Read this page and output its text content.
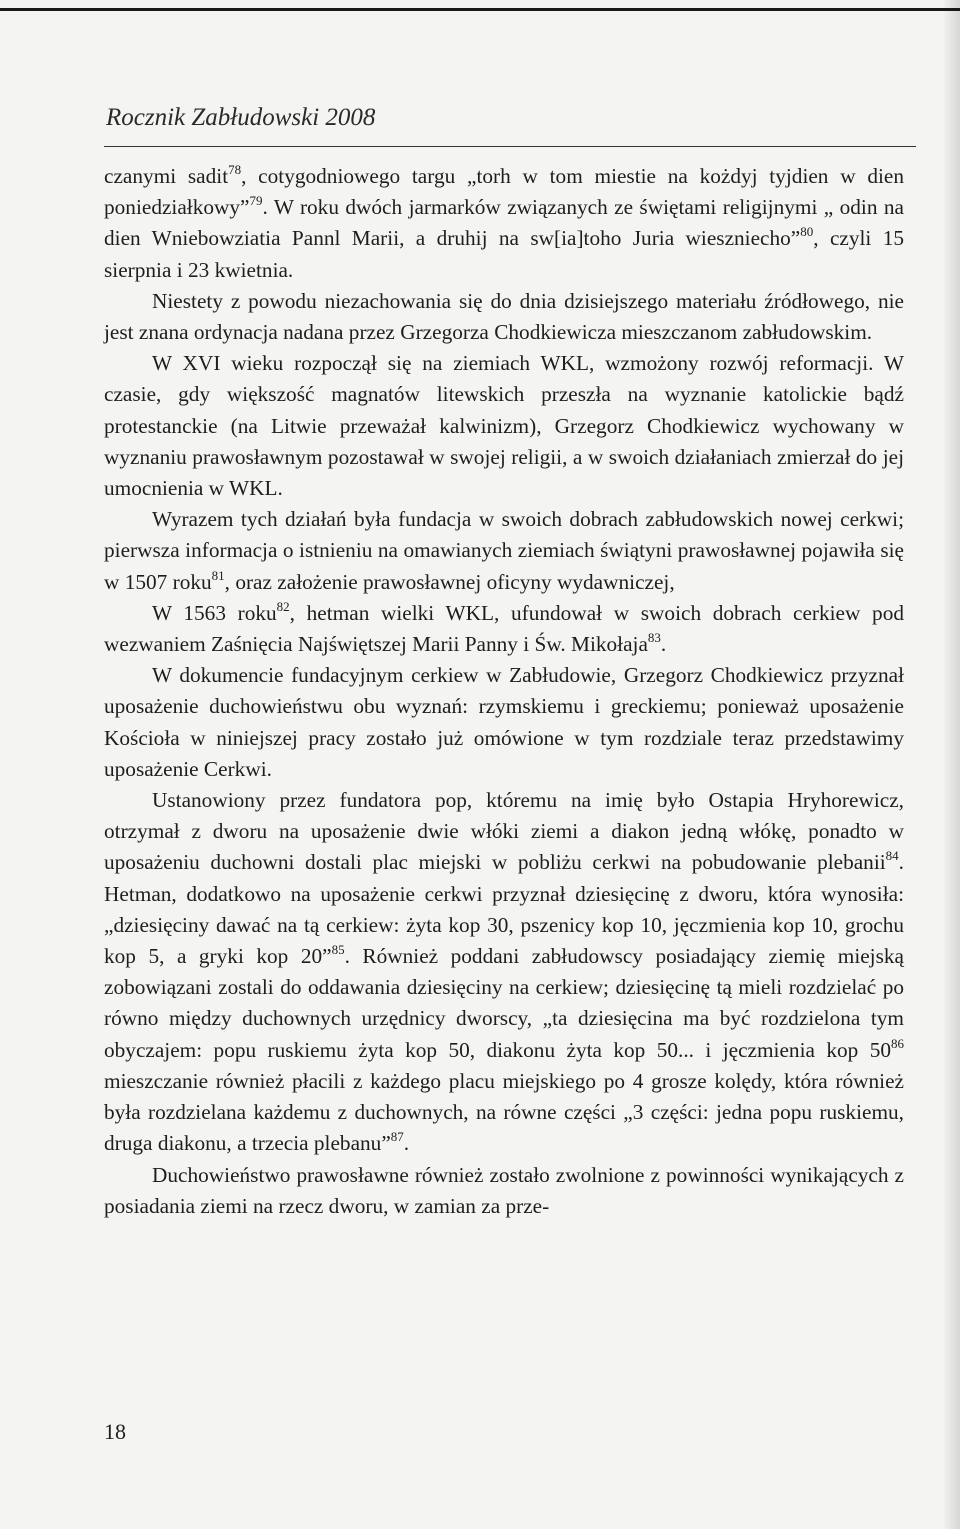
Rocznik Zabłudowski 2008

czanymi sadit$^{78}$, cotygodniowego targu „torh w tom miestie na kożdyj tyjdien w dien poniedziałkowy”$^{79}$. W roku dwóch jarmarków związanych ze świętami religijnymi „ odin na dien Wniebowziatia Pannl Marii, a druhij na sw[ia]toho Juria wieszniecho”$^{80}$, czyli 15 sierpnia i 23 kwietnia.

Niestety z powodu niezachowania się do dnia dzisiejszego materiału źródłowego, nie jest znana ordynacja nadana przez Grzegorza Chodkiewicza mieszczanom zabłudowskim.

W XVI wieku rozpoczął się na ziemiach WKL, wzmożony rozwój reformacji. W czasie, gdy większość magnatów litewskich przeszła na wyznanie katolickie bądź protestanckie (na Litwie przeważał kalwinizm), Grzegorz Chodkiewicz wychowany w wyznaniu prawosławnym pozostawał w swojej religii, a w swoich działaniach zmierzał do jej umocnienia w WKL.

Wyrazem tych działań była fundacja w swoich dobrach zabłudowskich nowej cerkwi; pierwsza informacja o istnieniu na omawianych ziemiach świątyni prawosławnej pojawiła się w 1507 roku$^{81}$, oraz założenie prawosławnej oficyny wydawniczej,

W 1563 roku$^{82}$, hetman wielki WKL, ufundował w swoich dobrach cerkiew pod wezwaniem Zaśnięcia Najświętszej Marii Panny i Św. Mikołaja$^{83}$.

W dokumencie fundacyjnym cerkiew w Zabłudowie, Grzegorz Chodkiewicz przyznał uposażenie duchowieństwu obu wyznań: rzymskiemu i greckiemu; ponieważ uposażenie Kościoła w niniejszej pracy zostało już omówione w tym rozdziale teraz przedstawimy uposażenie Cerkwi.

Ustanowiony przez fundatora pop, któremu na imię było Ostapia Hryhorewicz, otrzymał z dworu na uposażenie dwie włóki ziemi a diakon jedną włókę, ponadto w uposażeniu duchowni dostali plac miejski w pobliżu cerkwi na pobudowanie plebanii$^{84}$. Hetman, dodatkowo na uposażenie cerkwi przyznał dziesięcinę z dworu, która wynosiła: „dziesięciny dawać na tą cerkiew: żyta kop 30, pszenicy kop 10, jęczmienia kop 10, grochu kop 5, a gryki kop 20”$^{85}$. Również poddani zabłudowscy posiadający ziemię miejską zobowiązani zostali do oddawania dziesięciny na cerkiew; dziesięcinę tą mieli rozdzielać po równo między duchownych urzędnicy dworscy, „ta dziesięcina ma być rozdzielona tym obyczajem: popu ruskiemu żyta kop 50, diakonu żyta kop 50... i jęczmienia kop $50^{86}$ mieszczanie również płacili z każdego placu miejskiego po 4 grosze kolędy, która również była rozdzielana każdemu z duchownych, na równe części „3 części: jedna popu ruskiemu, druga diakonu, a trzecia plebanu”$^{87}$.

Duchowieństwo prawosławne również zostało zwolnione z powinności wynikających z posiadania ziemi na rzecz dworu, w zamian za prze-

18
